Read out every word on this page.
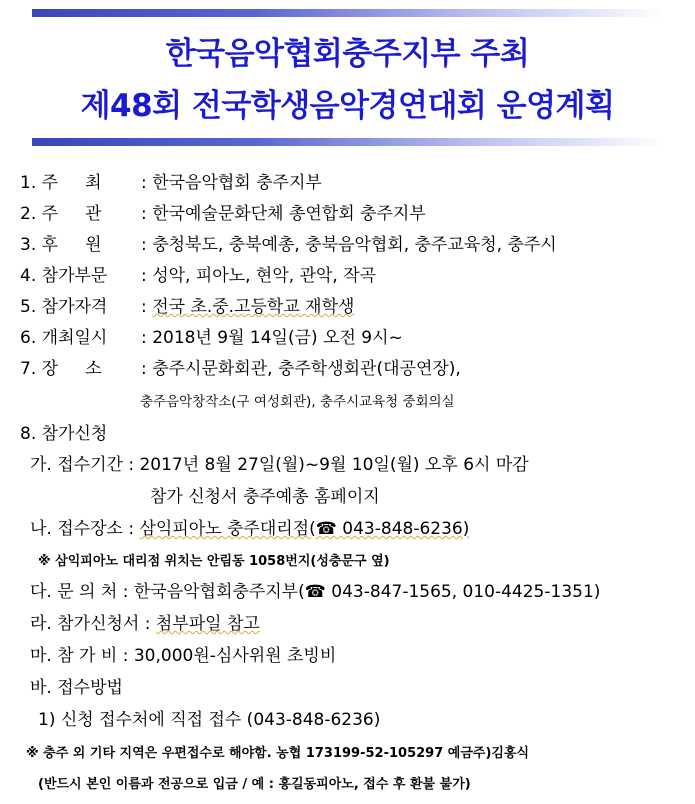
한국음악협회충주지부 주최
제48회 전국학생음악경연대회 운영계획
1. 주     최 : 한국음악협회 충주지부
2. 주     관 : 한국예술문화단체 총연합회 충주지부
3. 후     원 : 충청북도, 충북예총, 충북음악협회, 충주교육청, 충주시
4. 참가부문 : 성악, 피아노, 현악, 관악, 작곡
5. 참가자격 : 전국 초.중.고등학교 재학생
6. 개최일시 : 2018년 9월 14일(금) 오전 9시~
7. 장     소 : 충주시문화회관, 충주학생회관(대공연장),
충주음악창작소(구 여성회관), 충주시교육청 중회의실
8. 참가신청
가. 접수기간 : 2017년 8월 27일(월)~9월 10일(월) 오후 6시 마감
참가 신청서 충주예총 홈페이지
나. 접수장소 : 삼익피아노 충주대리점(☎ 043-848-6236)
※ 삼익피아노 대리점 위치는 안림동 1058번지(성충문구 옆)
다. 문 의 처 : 한국음악협회충주지부(☎ 043-847-1565, 010-4425-1351)
라. 참가신청서 : 첨부파일 참고
마. 참 가 비 : 30,000원-심사위원 초빙비
바. 접수방법
1) 신청 접수처에 직접 접수 (043-848-6236)
※ 충주 외 기타 지역은 우편접수로 해야함. 농협 173199-52-105297 예금주)김홍식
(반드시 본인 이름과 전공으로 입금 / 예 : 홍길동피아노, 접수 후 환불 불가)
